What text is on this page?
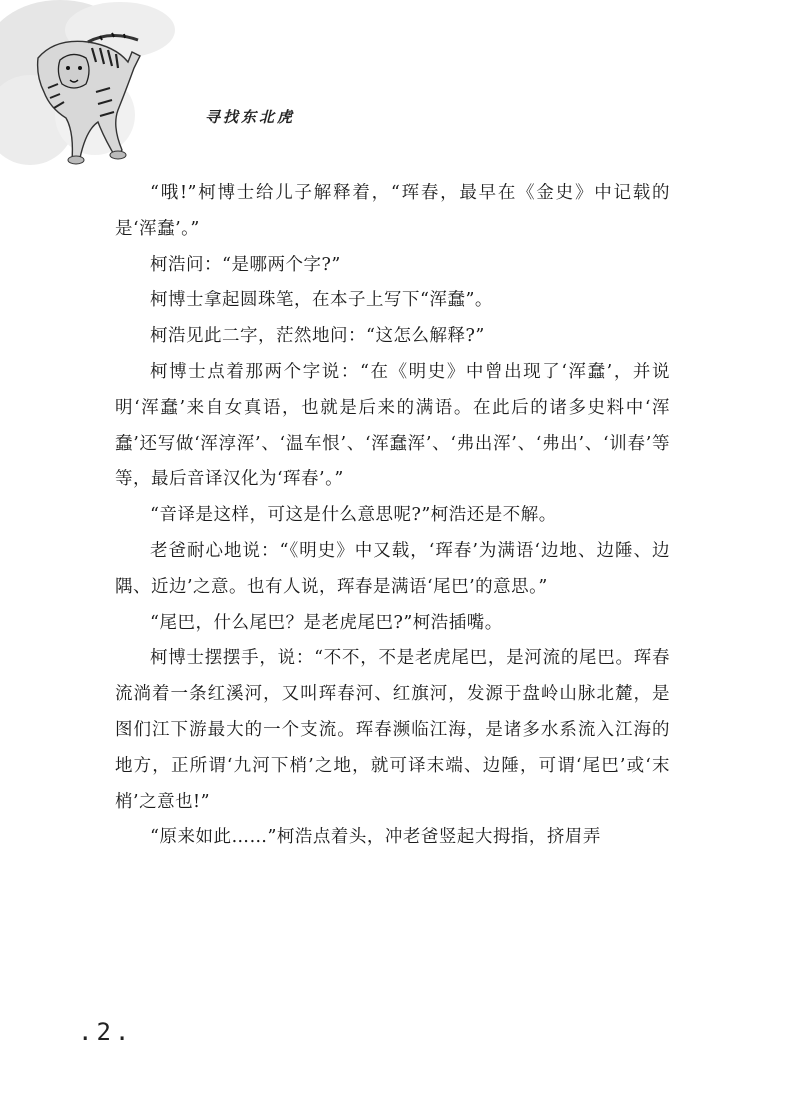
寻找东北虎

“哦!”柯博士给儿子解释着，“珲春，最早在《金史》中记载的是‘浑蠢’。”

柯浩问：“是哪两个字?”

柯博士拿起圆珠笔，在本子上写下“浑蠢”。

柯浩见此二字，茫然地问：“这怎么解释?”

柯博士点着那两个字说：“在《明史》中曾出现了‘浑蠢’，并说明‘浑蠢’来自女真语，也就是后来的满语。在此后的诸多史料中‘浑蠢’还写做‘浑淳浑’、‘温车恨’、‘浑蠢浑’、‘弗出浑’、‘弗出’、‘训春’等等，最后音译汉化为‘珲春’。”

“音译是这样，可这是什么意思呢?”柯浩还是不解。

老爸耐心地说：“《明史》中又载，‘珲春’为满语‘边地、边陲、边隅、近边’之意。也有人说，珲春是满语‘尾巴’的意思。”

“尾巴，什么尾巴？是老虎尾巴?”柯浩插嘴。

柯博士摆摆手，说：“不不，不是老虎尾巴，是河流的尾巴。珲春流淌着一条红溪河，又叫珲春河、红旗河，发源于盘岭山脉北麓，是图们江下游最大的一个支流。珲春濒临江海，是诸多水系流入江海的地方，正所谓‘九河下梢’之地，就可译末端、边陲，可谓‘尾巴’或‘末梢’之意也!”

“原来如此……”柯浩点着头，冲老爸竖起大拇指，挤眉弄

.2.
